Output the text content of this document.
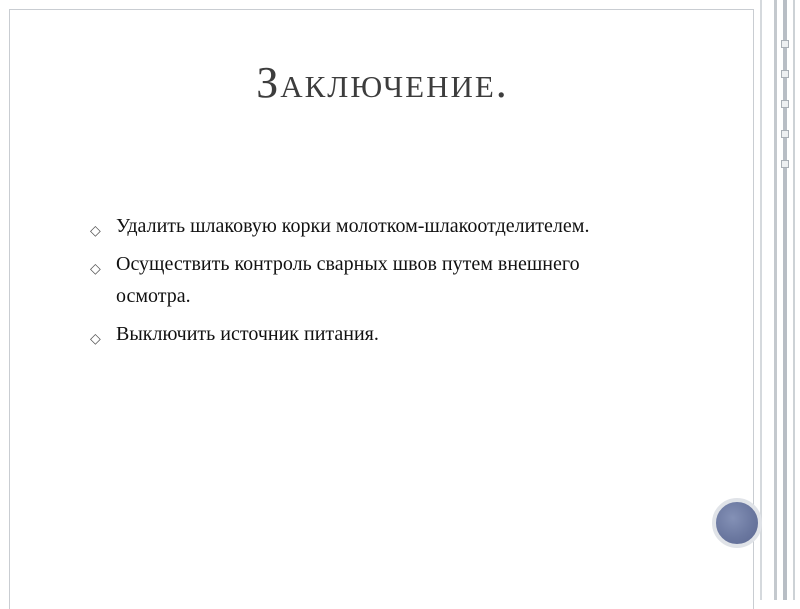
Заключение.
◇ Удалить шлаковую корки молотком-шлакоотделителем.
◇ Осуществить контроль сварных швов путем внешнего осмотра.
◇ Выключить источник питания.
